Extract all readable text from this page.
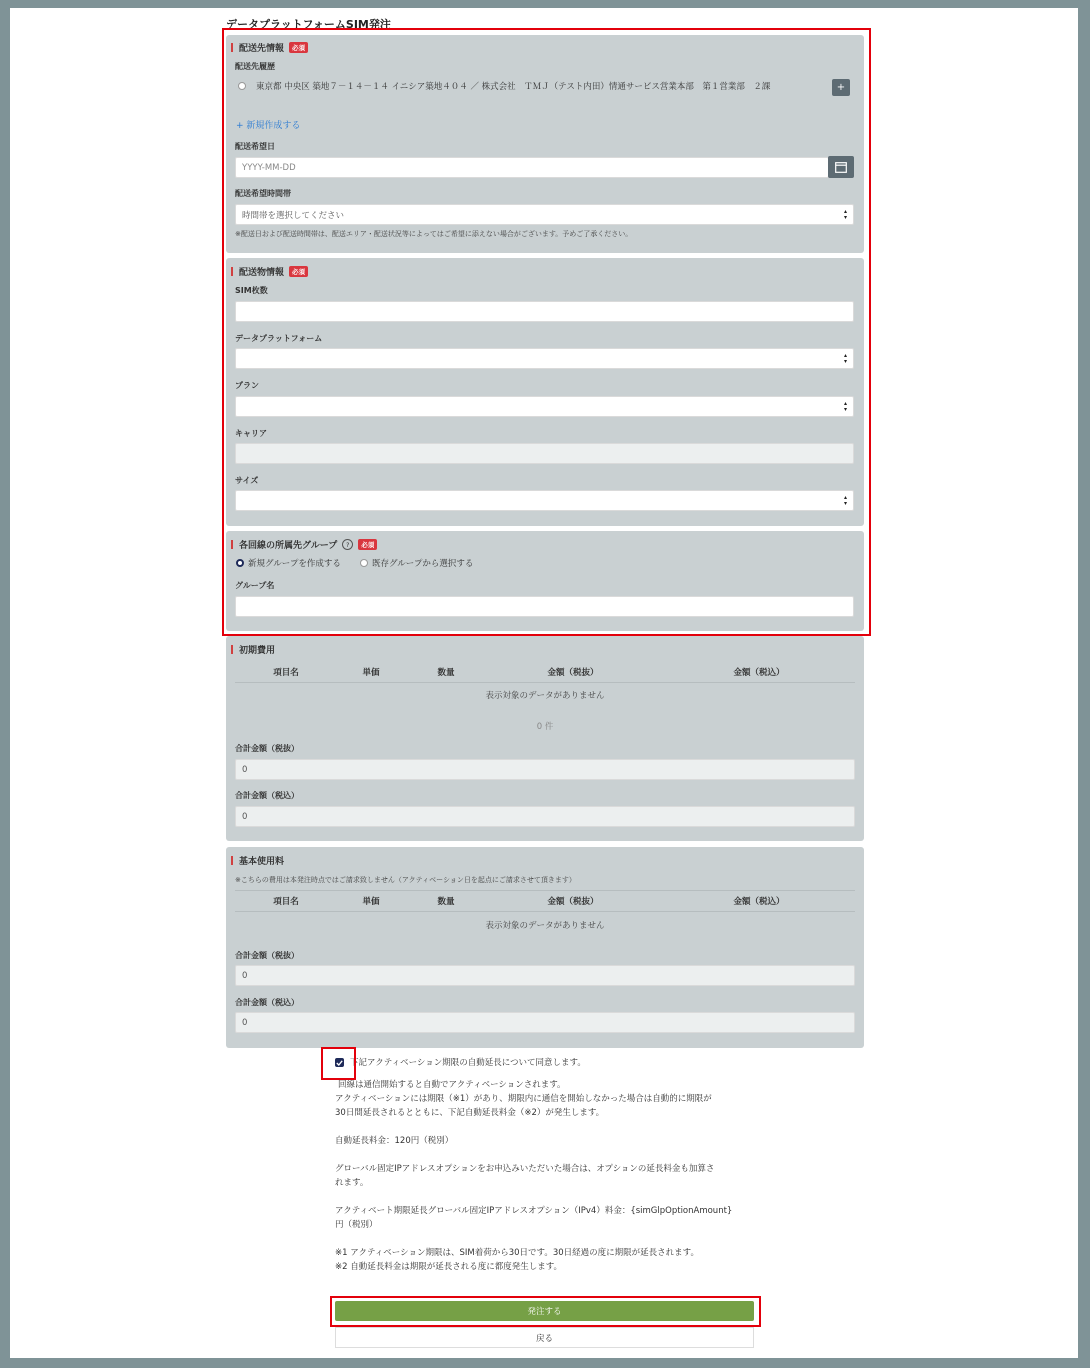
データプラットフォームSIM発注
配送先情報	必須
配送先履歴
東京都 中央区 築地７－１４－１４ イニシア築地４０４ ／ 株式会社　ＴＭＪ（テスト内田）情通サービス営業本部　第１営業部　２課	+
+ 新規作成する
配送希望日
YYYY-MM-DD
配送希望時間帯
時間帯を選択してください	▴
▾
※配送日および配送時間帯は、配送エリア・配送状況等によってはご希望に添えない場合がございます。予めご了承ください。
配送物情報	必須
SIM枚数
データプラットフォーム
▴
▾
プラン
▴
▾
キャリア
サイズ
▴
▾
各回線の所属先グループ	?	必須
新規グループを作成する	既存グループから選択する
グループ名
初期費用
項目名	単価	数量	金額（税抜）	金額（税込）
表示対象のデータがありません
0 件
合計金額（税抜）
0
合計金額（税込）
0
基本使用料
※こちらの費用は本発注時点ではご請求致しません（アクティベーション日を起点にご請求させて頂きます）
項目名	単価	数量	金額（税抜）	金額（税込）
表示対象のデータがありません
合計金額（税抜）
0
合計金額（税込）
0
下記アクティベーション期限の自動延長について同意します。
回線は通信開始すると自動でアクティベーションされます。
アクティベーションには期限（※1）があり、期限内に通信を開始しなかった場合は自動的に期限が
30日間延長されるとともに、下記自動延長料金（※2）が発生します。
自動延長料金：120円（税別）
グローバル固定IPアドレスオプションをお申込みいただいた場合は、オプションの延長料金も加算さ
れます。
アクティベート期限延長グローバル固定IPアドレスオプション（IPv4）料金：{simGlpOptionAmount}
円（税別）
※1 アクティベーション期限は、SIM着荷から30日です。30日経過の度に期限が延長されます。
※2 自動延長料金は期限が延長される度に都度発生します。
発注する
戻る
